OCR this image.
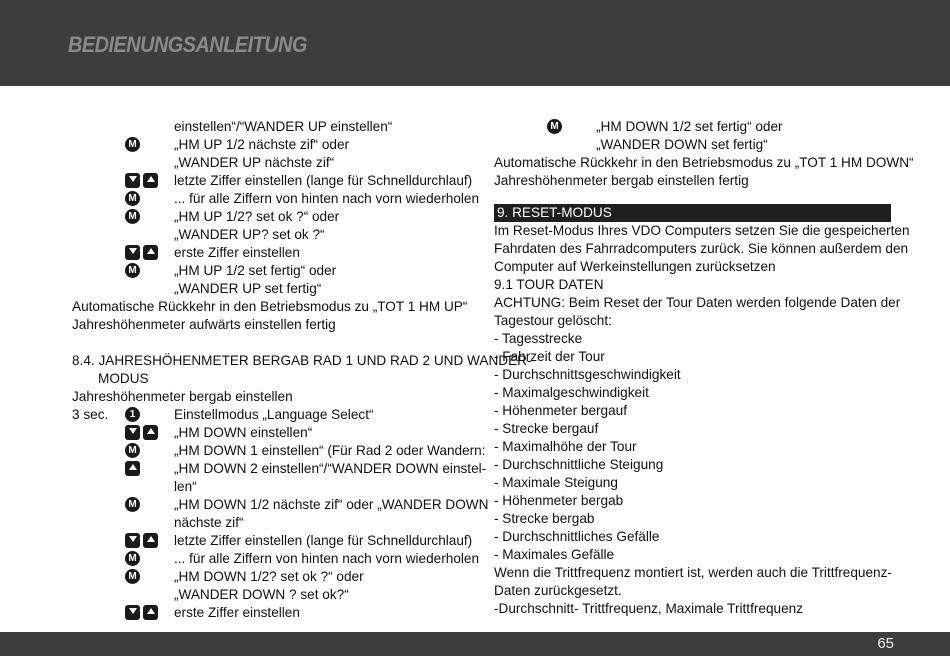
BEDIENUNGSANLEITUNG
einstellen“/“WANDER UP einstellen“
M	„HM UP 1/2 nächste zif“ oder
„WANDER UP nächste zif“
letzte Ziffer einstellen (lange für Schnelldurchlauf)
M	... für alle Ziffern von hinten nach vorn wiederholen
M	„HM UP 1/2? set ok ?“ oder
„WANDER UP? set ok ?“
erste Ziffer einstellen
M	„HM UP 1/2 set fertig“ oder
„WANDER UP set fertig“
Automatische Rückkehr in den Betriebsmodus zu „TOT 1 HM UP“
Jahreshöhenmeter aufwärts einstellen fertig
8.4. JAHRESHÖHENMETER BERGAB RAD 1 UND RAD 2 UND WANDER-
MODUS
Jahreshöhenmeter bergab einstellen
3 sec.	1	Einstellmodus „Language Select“
„HM DOWN einstellen“
M	„HM DOWN 1 einstellen“ (Für Rad 2 oder Wandern:
„HM DOWN 2 einstellen“/“WANDER DOWN einstel-
len“
M	„HM DOWN 1/2 nächste zif“ oder „WANDER DOWN
nächste zif“
letzte Ziffer einstellen (lange für Schnelldurchlauf)
M	... für alle Ziffern von hinten nach vorn wiederholen
M	„HM DOWN 1/2? set ok ?“ oder
„WANDER DOWN ? set ok?“
erste Ziffer einstellen
M	„HM DOWN 1/2 set fertig“ oder
„WANDER DOWN set fertig“
Automatische Rückkehr in den Betriebsmodus zu „TOT 1 HM DOWN“
Jahreshöhenmeter bergab einstellen fertig
9. RESET-MODUS
Im Reset-Modus Ihres VDO Computers setzen Sie die gespeicherten
Fahrdaten des Fahrradcomputers zurück. Sie können außerdem den
Computer auf Werkeinstellungen zurücksetzen
9.1 TOUR DATEN
ACHTUNG: Beim Reset der Tour Daten werden folgende Daten der
Tagestour gelöscht:
- Tagesstrecke
- Fahrzeit der Tour
- Durchschnittsgeschwindigkeit
- Maximalgeschwindigkeit
- Höhenmeter bergauf
- Strecke bergauf
- Maximalhöhe der Tour
- Durchschnittliche Steigung
- Maximale Steigung
- Höhenmeter bergab
- Strecke bergab
- Durchschnittliches Gefälle
- Maximales Gefälle
Wenn die Trittfrequenz montiert ist, werden auch die Trittfrequenz-
Daten zurückgesetzt.
-Durchschnitt- Trittfrequenz, Maximale Trittfrequenz
65
